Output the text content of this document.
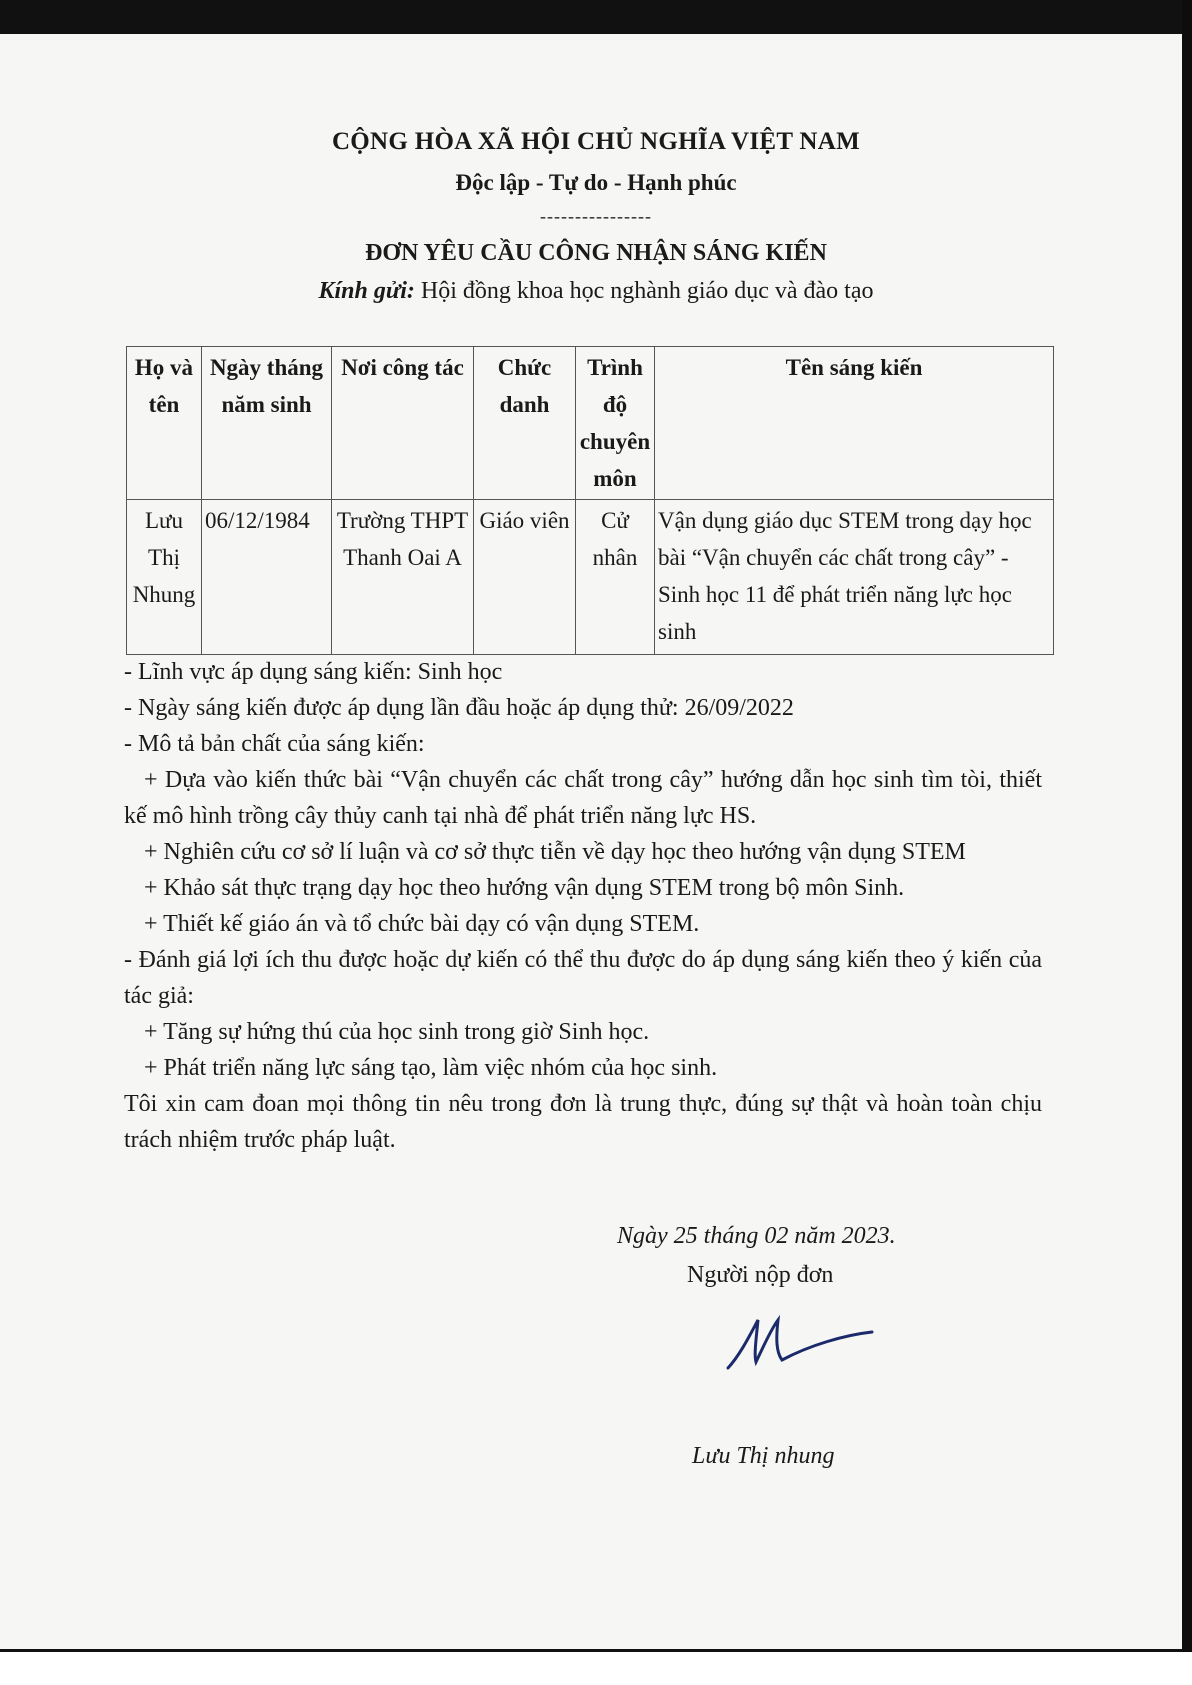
CỘNG HÒA XÃ HỘI CHỦ NGHĨA VIỆT NAM
Độc lập - Tự do - Hạnh phúc
----------------
ĐƠN YÊU CẦU CÔNG NHẬN SÁNG KIẾN
Kính gửi: Hội đồng khoa học nghành giáo dục và đào tạo
Họ và tên	Ngày tháng năm sinh	Nơi công tác	Chức danh	Trình độ chuyên môn	Tên sáng kiến
Lưu Thị Nhung	06/12/1984	Trường THPT Thanh Oai A	Giáo viên	Cử nhân	Vận dụng giáo dục STEM trong dạy học bài “Vận chuyển các chất trong cây” - Sinh học 11 để phát triển năng lực học sinh

- Lĩnh vực áp dụng sáng kiến: Sinh học

- Ngày sáng kiến được áp dụng lần đầu hoặc áp dụng thử: 26/09/2022

- Mô tả bản chất của sáng kiến:

+ Dựa vào kiến thức bài “Vận chuyển các chất trong cây” hướng dẫn học sinh tìm tòi, thiết kế mô hình trồng cây thủy canh tại nhà để phát triển năng lực HS.

+ Nghiên cứu cơ sở lí luận và cơ sở thực tiễn về dạy học theo hướng vận dụng STEM

+ Khảo sát thực trạng dạy học theo hướng vận dụng STEM trong bộ môn Sinh.

+ Thiết kế giáo án và tổ chức bài dạy có vận dụng STEM.

- Đánh giá lợi ích thu được hoặc dự kiến có thể thu được do áp dụng sáng kiến theo ý kiến của tác giả:

+ Tăng sự hứng thú của học sinh trong giờ Sinh học.

+ Phát triển năng lực sáng tạo, làm việc nhóm của học sinh.

Tôi xin cam đoan mọi thông tin nêu trong đơn là trung thực, đúng sự thật và hoàn toàn chịu trách nhiệm trước pháp luật.

Ngày 25 tháng 02 năm 2023.
Người nộp đơn
Lưu Thị nhung
